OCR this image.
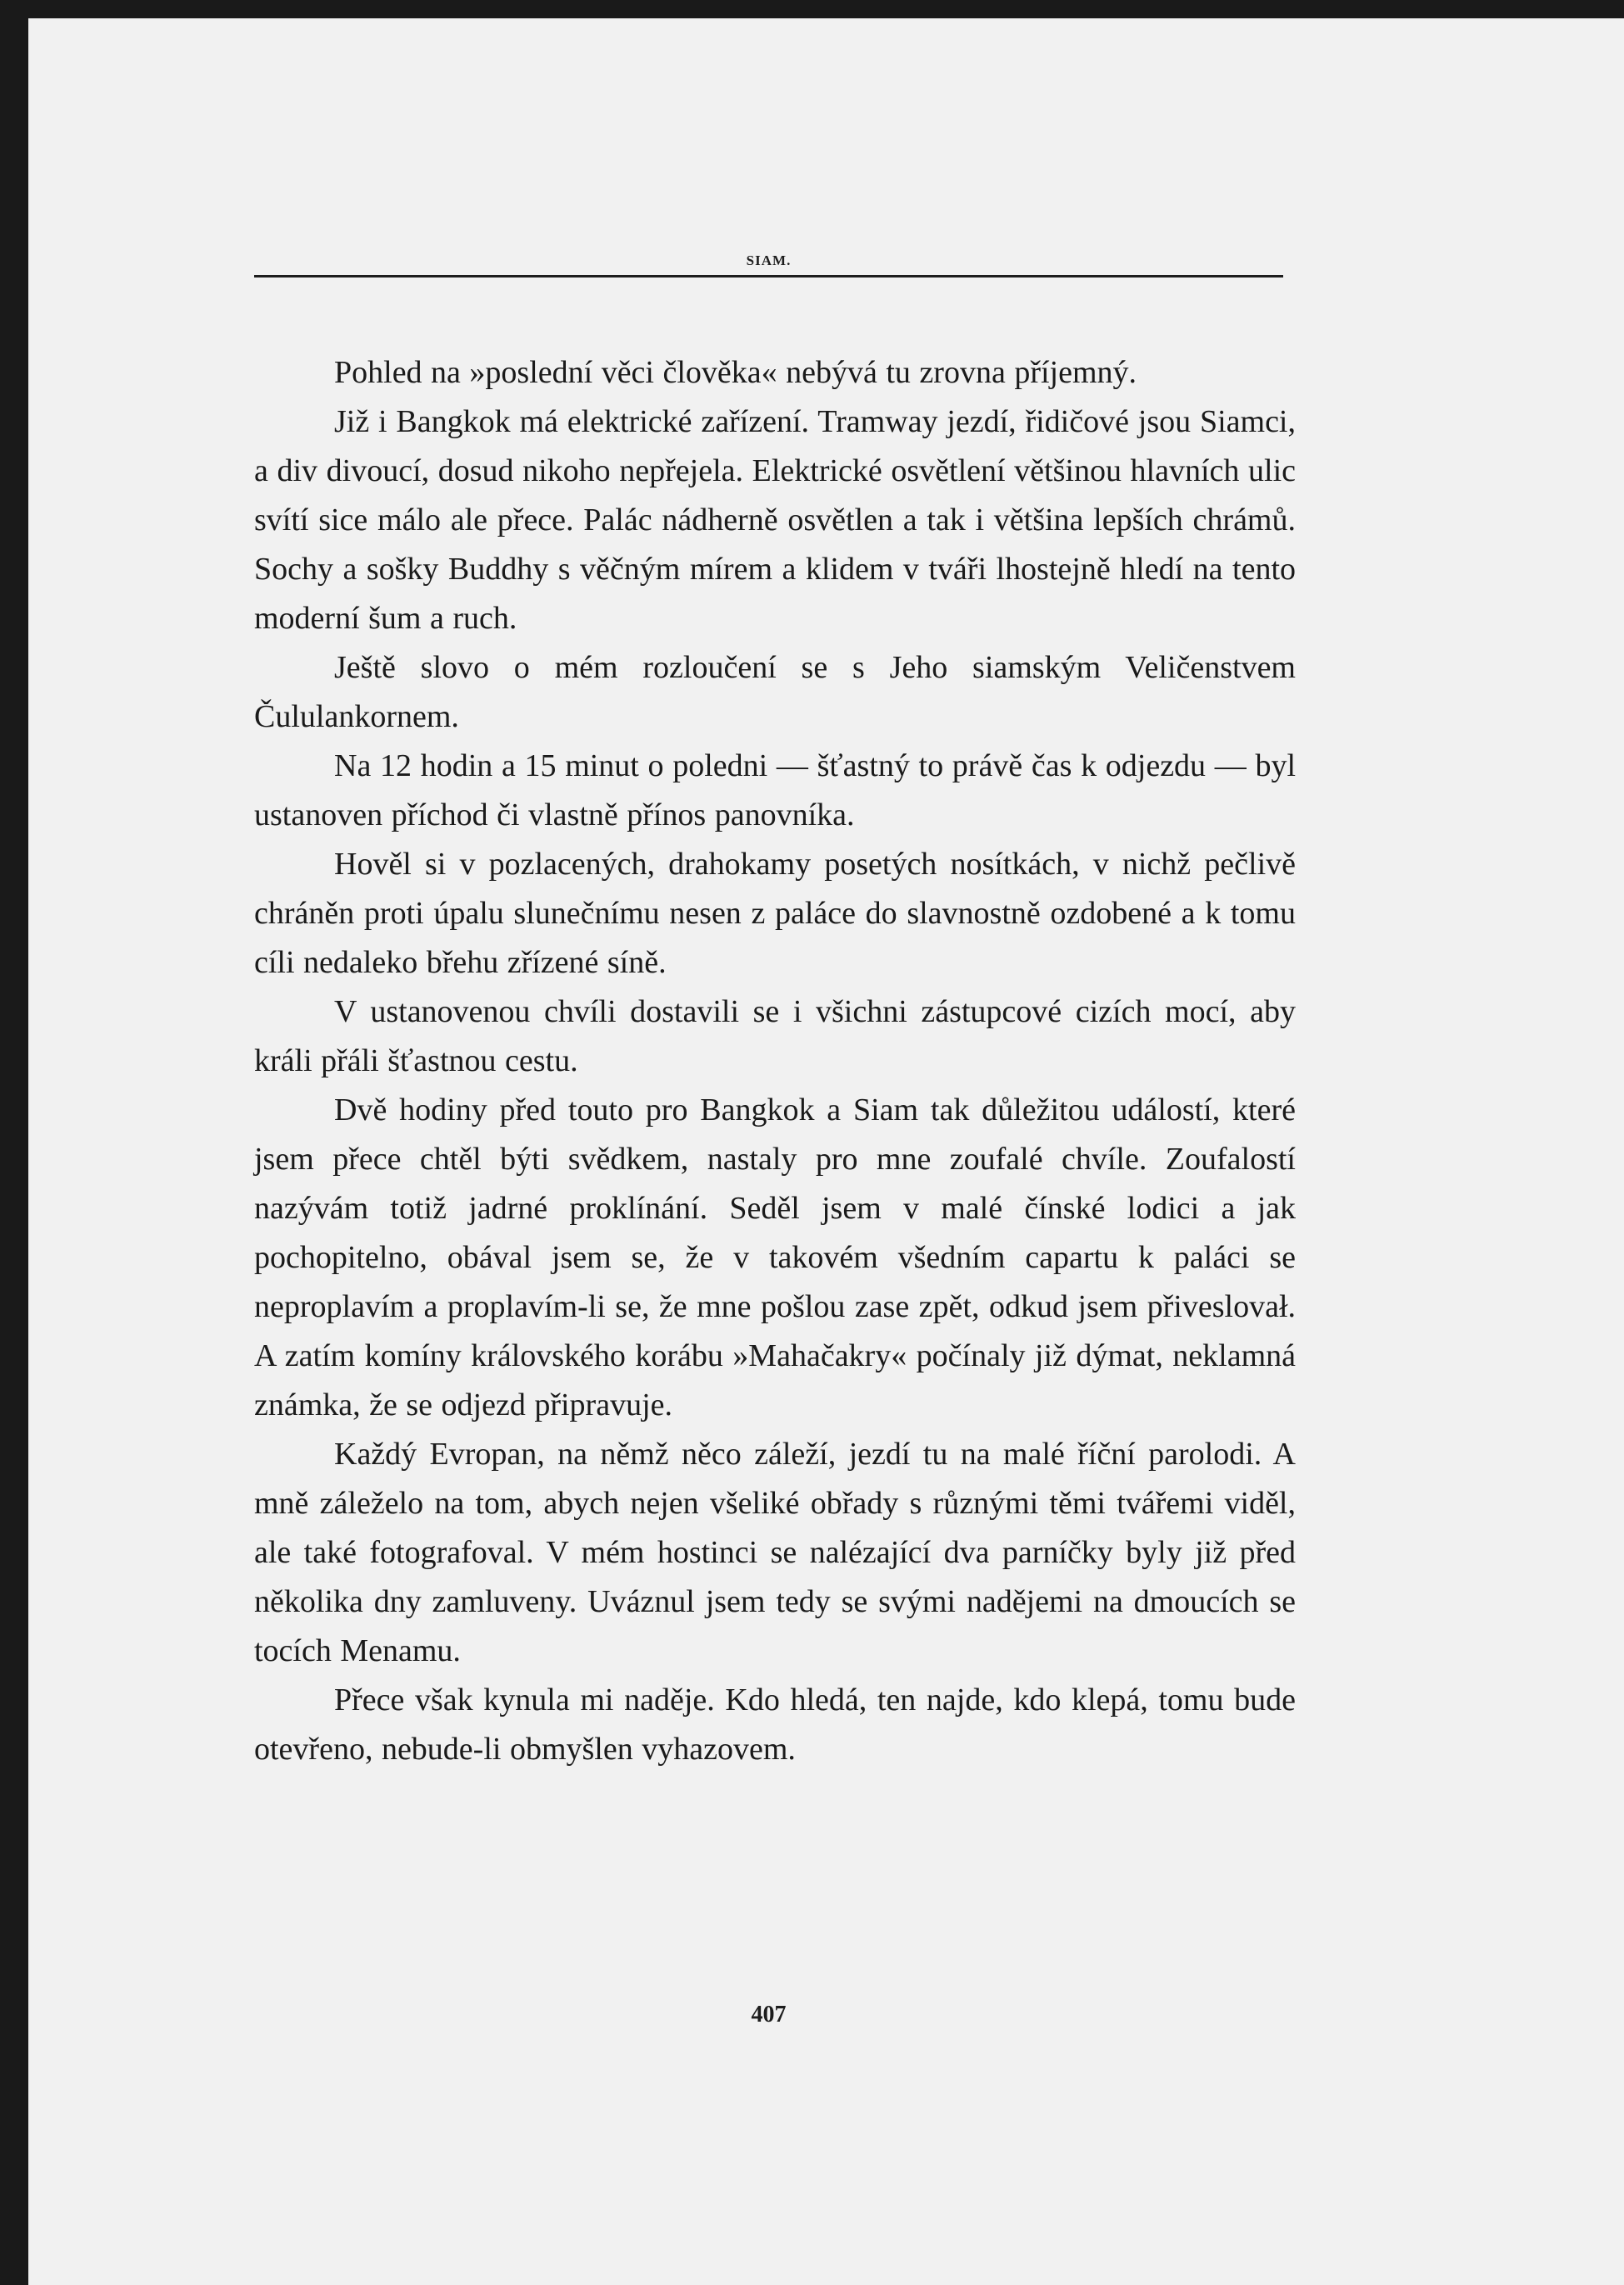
SIAM.

Pohled na »poslední věci člověka« nebývá tu zrovna příjemný.

Již i Bangkok má elektrické zařízení. Tramway jezdí, řidičové jsou Siamci, a div divoucí, dosud nikoho nepřejela. Elektrické osvětlení většinou hlavních ulic svítí sice málo ale přece. Palác nádherně osvětlen a tak i většina lepších chrámů. Sochy a sošky Buddhy s věčným mírem a klidem v tváři lhostejně hledí na tento moderní šum a ruch.

Ještě slovo o mém rozloučení se s Jeho siamským Veličenstvem Čululankornem.

Na 12 hodin a 15 minut o poledni — šťastný to právě čas k odjezdu — byl ustanoven příchod či vlastně přínos panovníka.

Hověl si v pozlacených, drahokamy posetých nosítkách, v nichž pečlivě chráněn proti úpalu slunečnímu nesen z paláce do slavnostně ozdobené a k tomu cíli nedaleko břehu zřízené síně.

V ustanovenou chvíli dostavili se i všichni zástupcové cizích mocí, aby králi přáli šťastnou cestu.

Dvě hodiny před touto pro Bangkok a Siam tak důležitou událostí, které jsem přece chtěl býti svědkem, nastaly pro mne zoufalé chvíle. Zoufalostí nazývám totiž jadrné proklínání. Seděl jsem v malé čínské lodici a jak pochopitelno, obával jsem se, že v takovém všedním capartu k paláci se neproplavím a proplavím-li se, že mne pošlou zase zpět, odkud jsem přiveslovał. A zatím komíny královského korábu »Mahačakry« počínaly již dýmat, neklamná známka, že se odjezd připravuje.

Každý Evropan, na němž něco záleží, jezdí tu na malé říční parolodi. A mně záleželo na tom, abych nejen všeliké obřady s různými těmi tvářemi viděl, ale také fotografoval. V mém hostinci se nalézající dva parníčky byly již před několika dny zamluveny. Uváznul jsem tedy se svými nadějemi na dmoucích se tocích Menamu.

Přece však kynula mi naděje. Kdo hledá, ten najde, kdo klepá, tomu bude otevřeno, nebude-li obmyšlen vyhazovem.

407
